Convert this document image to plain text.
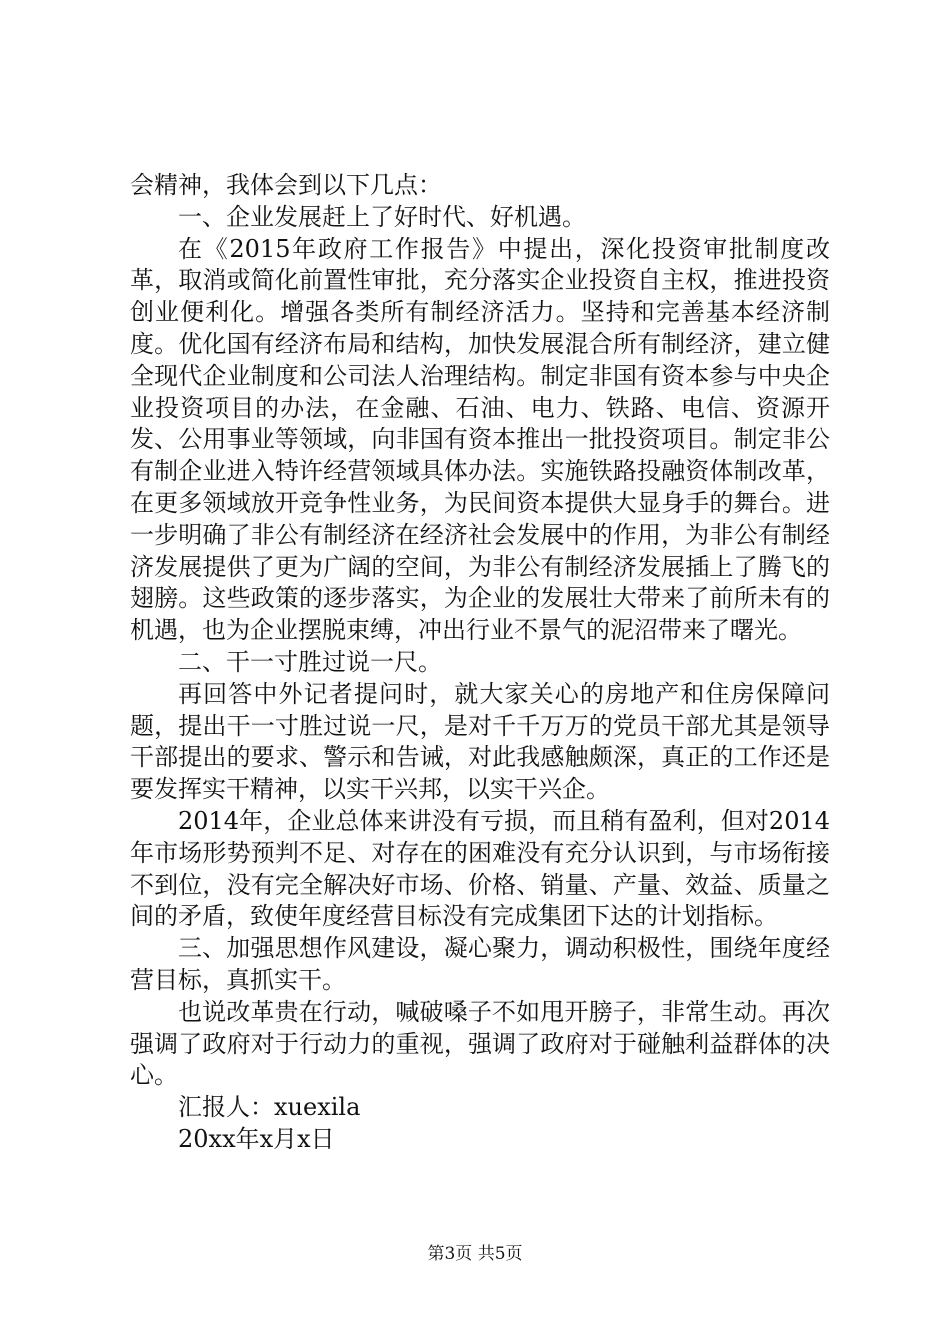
会精神，我体会到以下几点：

一、企业发展赶上了好时代、好机遇。

在《2015年政府工作报告》中提出，深化投资审批制度改革，取消或简化前置性审批，充分落实企业投资自主权，推进投资创业便利化。增强各类所有制经济活力。坚持和完善基本经济制度。优化国有经济布局和结构，加快发展混合所有制经济，建立健全现代企业制度和公司法人治理结构。制定非国有资本参与中央企业投资项目的办法，在金融、石油、电力、铁路、电信、资源开发、公用事业等领域，向非国有资本推出一批投资项目。制定非公有制企业进入特许经营领域具体办法。实施铁路投融资体制改革，在更多领域放开竞争性业务，为民间资本提供大显身手的舞台。进一步明确了非公有制经济在经济社会发展中的作用，为非公有制经济发展提供了更为广阔的空间，为非公有制经济发展插上了腾飞的翅膀。这些政策的逐步落实，为企业的发展壮大带来了前所未有的机遇，也为企业摆脱束缚，冲出行业不景气的泥沼带来了曙光。

二、干一寸胜过说一尺。

再回答中外记者提问时，就大家关心的房地产和住房保障问题，提出干一寸胜过说一尺，是对千千万万的党员干部尤其是领导干部提出的要求、警示和告诫，对此我感触颇深，真正的工作还是要发挥实干精神，以实干兴邦，以实干兴企。

2014年，企业总体来讲没有亏损，而且稍有盈利，但对2014年市场形势预判不足、对存在的困难没有充分认识到，与市场衔接不到位，没有完全解决好市场、价格、销量、产量、效益、质量之间的矛盾，致使年度经营目标没有完成集团下达的计划指标。

三、加强思想作风建设，凝心聚力，调动积极性，围绕年度经营目标，真抓实干。

也说改革贵在行动，喊破嗓子不如甩开膀子，非常生动。再次强调了政府对于行动力的重视，强调了政府对于碰触利益群体的决心。

汇报人：xuexila

20xx年x月x日

第3页 共5页
